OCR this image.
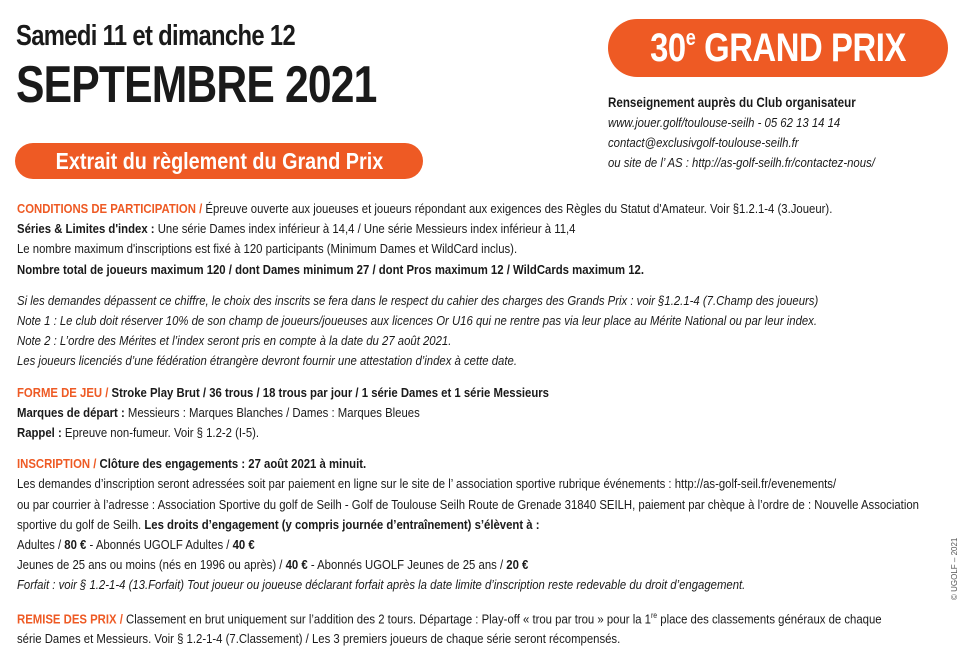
Samedi 11 et dimanche 12
SEPTEMBRE 2021
30e GRAND PRIX
Renseignement auprès du Club organisateur
www.jouer.golf/toulouse-seilh - 05 62 13 14 14
contact@exclusivgolf-toulouse-seilh.fr
ou site de l’ AS : http://as-golf-seilh.fr/contactez-nous/
Extrait du règlement du Grand Prix

CONDITIONS DE PARTICIPATION / Épreuve ouverte aux joueuses et joueurs répondant aux exigences des Règles du Statut d'Amateur. Voir §1.2.1-4 (3.Joueur).

Séries & Limites d'index : Une série Dames index inférieur à 14,4 / Une série Messieurs index inférieur à 11,4

Le nombre maximum d'inscriptions est fixé à 120 participants (Minimum Dames et WildCard inclus).

Nombre total de joueurs maximum 120 / dont Dames minimum 27 / dont Pros maximum 12 / WildCards maximum 12.

Si les demandes dépassent ce chiffre, le choix des inscrits se fera dans le respect du cahier des charges des Grands Prix : voir §1.2.1-4 (7.Champ des joueurs)

Note 1 : Le club doit réserver 10% de son champ de joueurs/joueuses aux licences Or U16 qui ne rentre pas via leur place au Mérite National ou par leur index.

Note 2 : L’ordre des Mérites et l’index seront pris en compte à la date du 27 août 2021.

Les joueurs licenciés d’une fédération étrangère devront fournir une attestation d’index à cette date.

FORME DE JEU / Stroke Play Brut / 36 trous / 18 trous par jour / 1 série Dames et 1 série Messieurs

Marques de départ : Messieurs : Marques Blanches / Dames : Marques Bleues

Rappel : Epreuve non-fumeur. Voir § 1.2-2 (I-5).

INSCRIPTION / Clôture des engagements : 27 août 2021 à minuit.

Les demandes d’inscription seront adressées soit par paiement en ligne sur le site de l’ association sportive rubrique événements : http://as-golf-seil.fr/evenements/

ou par courrier à l’adresse : Association Sportive du golf de Seilh - Golf de Toulouse Seilh Route de Grenade 31840 SEILH, paiement par chèque à l’ordre de : Nouvelle Association

sportive du golf de Seilh. Les droits d’engagement (y compris journée d’entraînement) s’élèvent à :

Adultes / 80 € - Abonnés UGOLF Adultes / 40 €

Jeunes de 25 ans ou moins (nés en 1996 ou après) / 40 € - Abonnés UGOLF Jeunes de 25 ans / 20 €

Forfait : voir § 1.2-1-4 (13.Forfait) Tout joueur ou joueuse déclarant forfait après la date limite d’inscription reste redevable du droit d’engagement.

REMISE DES PRIX / Classement en brut uniquement sur l’addition des 2 tours. Départage : Play-off « trou par trou » pour la 1re place des classements généraux de chaque

série Dames et Messieurs. Voir § 1.2-1-4 (7.Classement) / Les 3 premiers joueurs de chaque série seront récompensés.

© UGOLF – 2021
